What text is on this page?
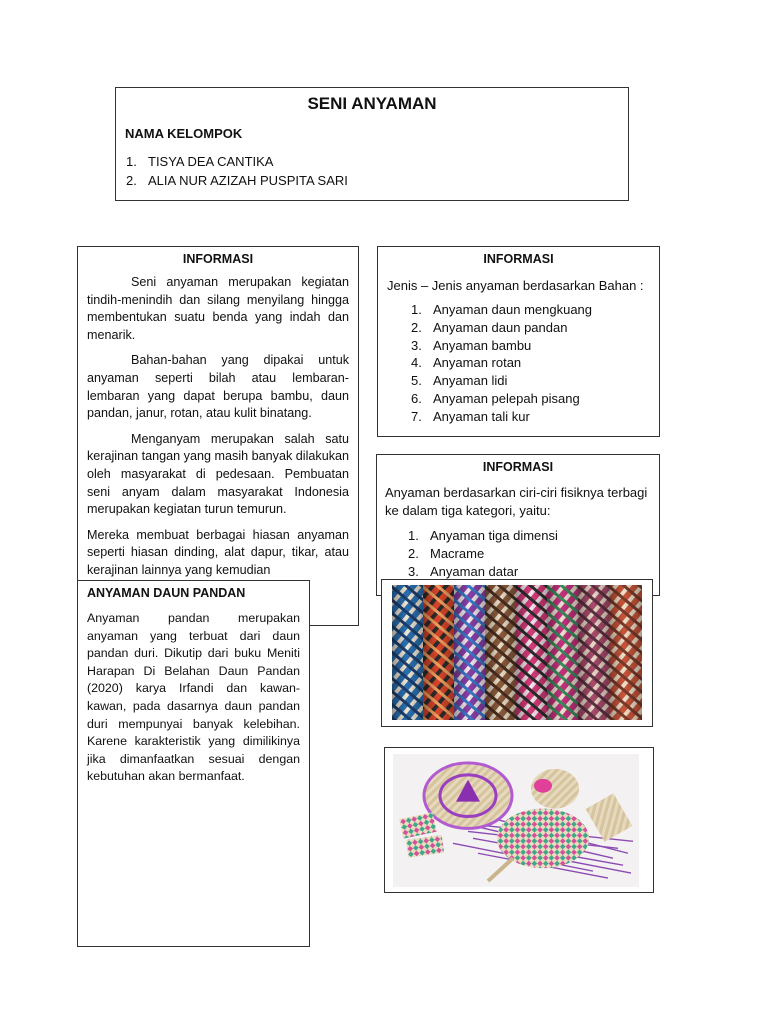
SENI ANYAMAN
NAMA KELOMPOK
1. TISYA DEA CANTIKA
2. ALIA NUR AZIZAH PUSPITA SARI
INFORMASI

Seni anyaman merupakan kegiatan tindih-menindih dan silang menyilang hingga membentukan suatu benda yang indah dan menarik.

Bahan-bahan yang dipakai untuk anyaman seperti bilah atau lembaran-lembaran yang dapat berupa bambu, daun pandan, janur, rotan, atau kulit binatang.

Menganyam merupakan salah satu kerajinan tangan yang masih banyak dilakukan oleh masyarakat di pedesaan. Pembuatan seni anyam dalam masyarakat Indonesia merupakan kegiatan turun temurun.

Mereka membuat berbagai hiasan anyaman seperti hiasan dinding, alat dapur, tikar, atau kerajinan lainnya yang kemudian

INFORMASI
Jenis – Jenis anyaman berdasarkan Bahan :
1. Anyaman daun mengkuang
2. Anyaman daun pandan
3. Anyaman bambu
4. Anyaman rotan
5. Anyaman lidi
6. Anyaman pelepah pisang
7. Anyaman tali kur
INFORMASI
Anyaman berdasarkan ciri-ciri fisiknya terbagi ke dalam tiga kategori, yaitu:
1. Anyaman tiga dimensi
2. Macrame
3. Anyaman datar
ANYAMAN DAUN PANDAN

Anyaman pandan merupakan anyaman yang terbuat dari daun pandan duri. Dikutip dari buku Meniti Harapan Di Belahan Daun Pandan (2020) karya Irfandi dan kawan-kawan, pada dasarnya daun pandan duri mempunyai banyak kelebihan. Karene karakteristik yang dimilikinya jika dimanfaatkan sesuai dengan kebutuhan akan bermanfaat.
